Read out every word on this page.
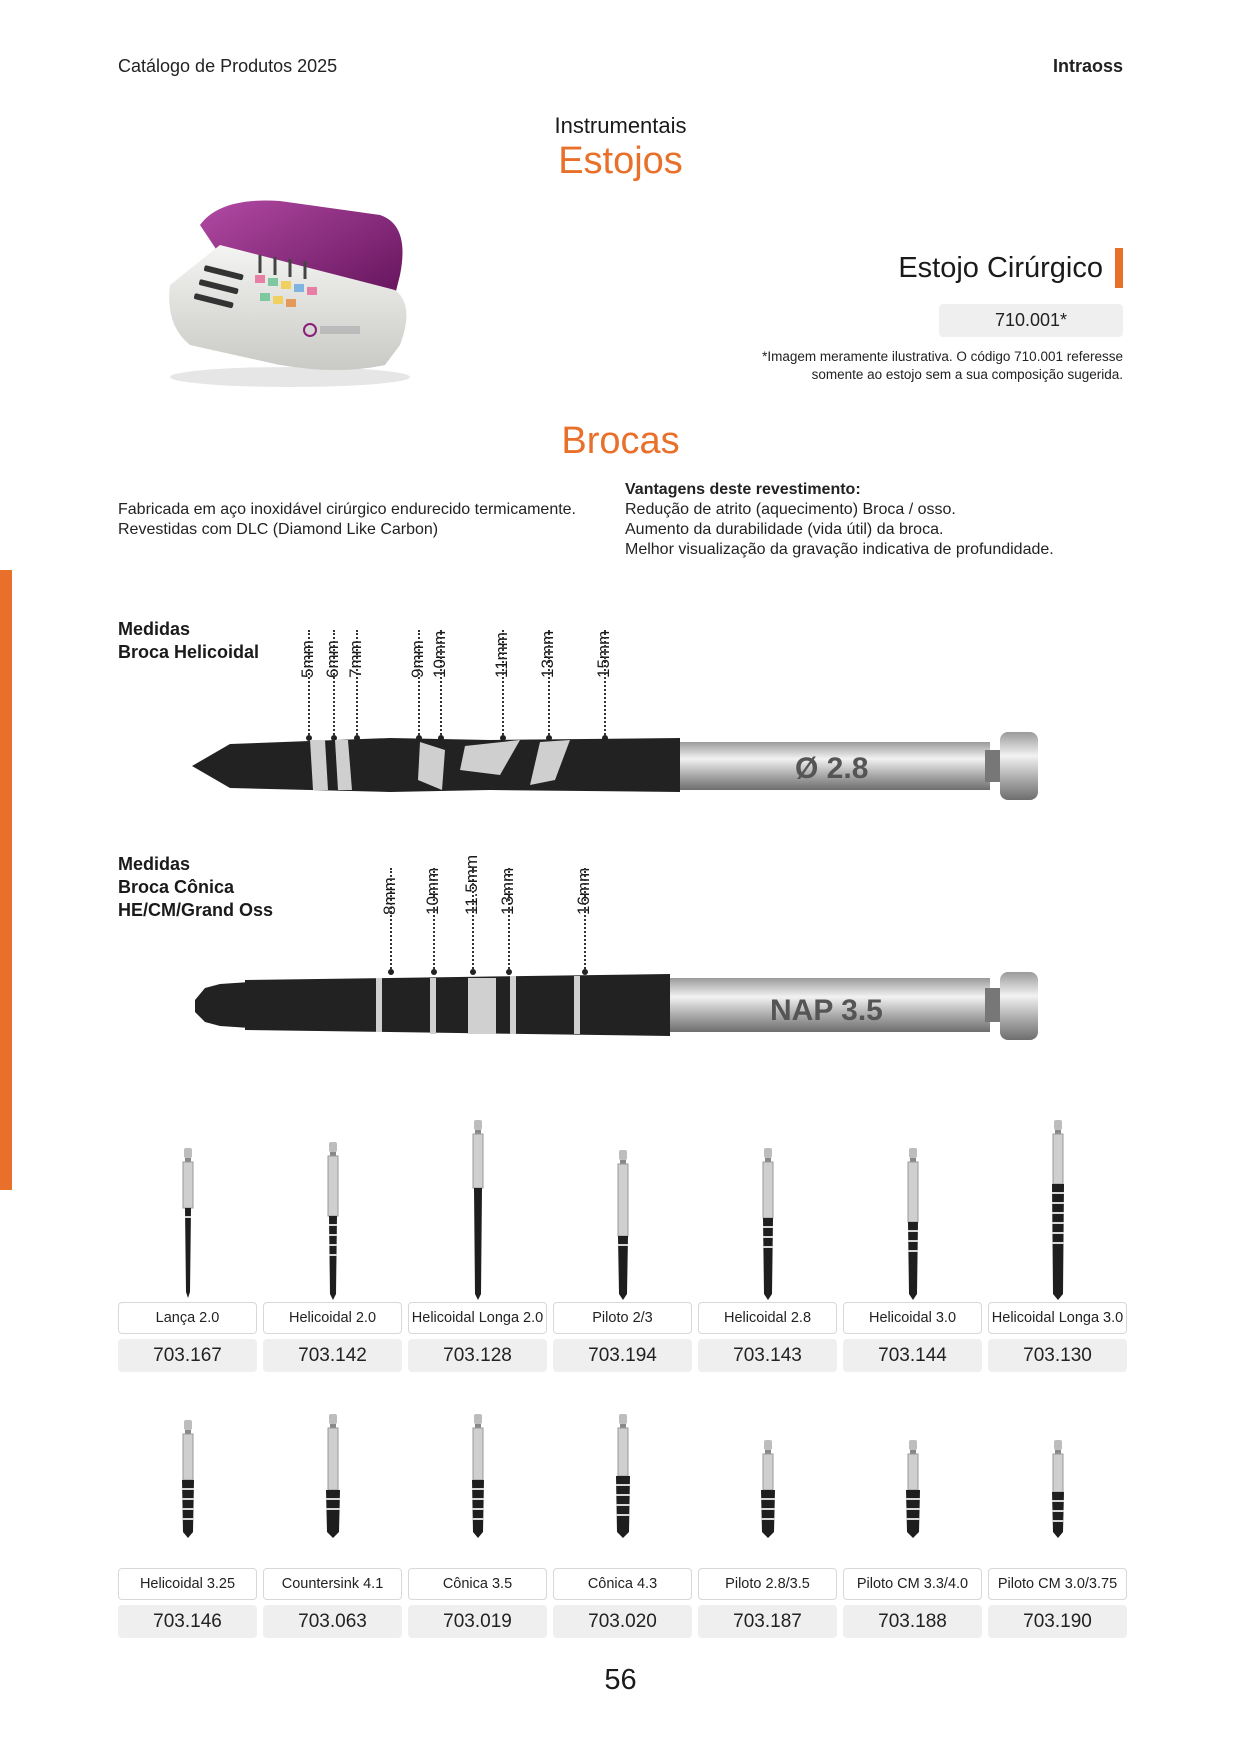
Catálogo de Produtos 2025	Intraoss
Instrumentais
Estojos
Estojo Cirúrgico
710.001*
*Imagem meramente ilustrativa. O código 710.001 referesse
somente ao estojo sem a sua composição sugerida.
Brocas
Fabricada em aço inoxidável cirúrgico endurecido termicamente.
Revestidas com DLC (Diamond Like Carbon)
Vantagens deste revestimento:
Redução de atrito (aquecimento) Broca / osso.
Aumento da durabilidade (vida útil) da broca.
Melhor visualização da gravação indicativa de profundidade.
Medidas
Broca Helicoidal 5mm 6mm 7mm	9mm 10mm	11mm 13mm 15mm
Ø 2.8
Medidas
Broca Cônica
HE/CM/Grand Oss	8mm 10mm 11.5mm 13mm	16mm
NAP 3.5
Lança 2.0
703.167
Helicoidal 2.0
703.142
Helicoidal Longa 2.0
703.128
Piloto 2/3
703.194
Helicoidal 2.8
703.143
Helicoidal 3.0
703.144
Helicoidal Longa 3.0
703.130
Helicoidal 3.25
703.146
Countersink 4.1
703.063
Cônica 3.5
703.019
Cônica 4.3
703.020
Piloto 2.8/3.5
703.187
Piloto CM 3.3/4.0
703.188
Piloto CM 3.0/3.75
703.190
56
